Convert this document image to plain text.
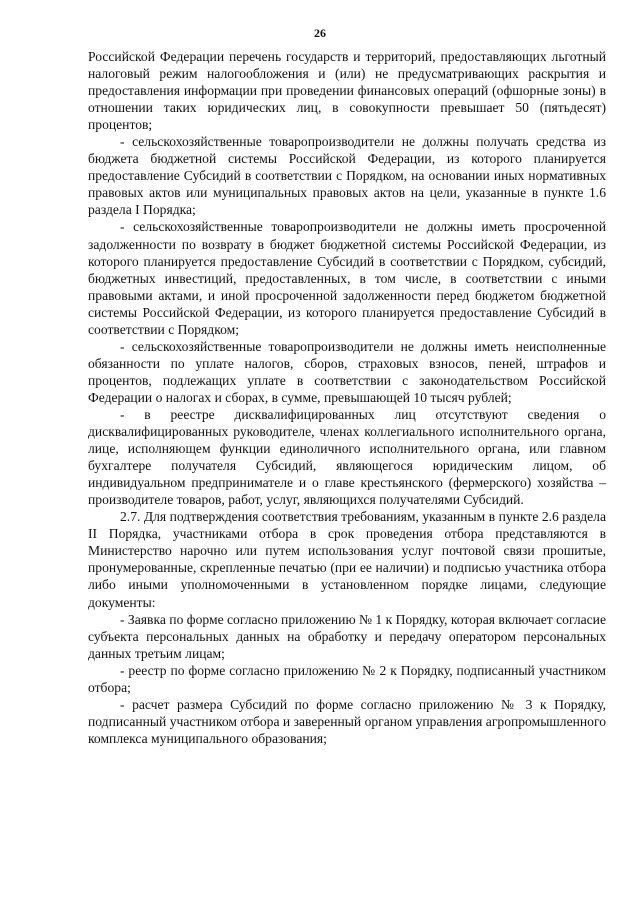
26

Российской Федерации перечень государств и территорий, предоставляющих льготный налоговый режим налогообложения и (или) не предусматривающих раскрытия и предоставления информации при проведении финансовых операций (офшорные зоны) в отношении таких юридических лиц, в совокупности превышает 50 (пятьдесят) процентов;

- сельскохозяйственные товаропроизводители не должны получать средства из бюджета бюджетной системы Российской Федерации, из которого планируется предоставление Субсидий в соответствии с Порядком, на основании иных нормативных правовых актов или муниципальных правовых актов на цели, указанные в пункте 1.6 раздела I Порядка;

- сельскохозяйственные товаропроизводители не должны иметь просроченной задолженности по возврату в бюджет бюджетной системы Российской Федерации, из которого планируется предоставление Субсидий в соответствии с Порядком, субсидий, бюджетных инвестиций, предоставленных, в том числе, в соответствии с иными правовыми актами, и иной просроченной задолженности перед бюджетом бюджетной системы Российской Федерации, из которого планируется предоставление Субсидий в соответствии с Порядком;

- сельскохозяйственные товаропроизводители не должны иметь неисполненные обязанности по уплате налогов, сборов, страховых взносов, пеней, штрафов и процентов, подлежащих уплате в соответствии с законодательством Российской Федерации о налогах и сборах, в сумме, превышающей 10 тысяч рублей;

- в реестре дисквалифицированных лиц отсутствуют сведения о дисквалифицированных руководителе, членах коллегиального исполнительного органа, лице, исполняющем функции единоличного исполнительного органа, или главном бухгалтере получателя Субсидий, являющегося юридическим лицом, об индивидуальном предпринимателе и о главе крестьянского (фермерского) хозяйства – производителе товаров, работ, услуг, являющихся получателями Субсидий.

2.7. Для подтверждения соответствия требованиям, указанным в пункте 2.6 раздела II Порядка, участниками отбора в срок проведения отбора представляются в Министерство нарочно или путем использования услуг почтовой связи прошитые, пронумерованные, скрепленные печатью (при ее наличии) и подписью участника отбора либо иными уполномоченными в установленном порядке лицами, следующие документы:

- Заявка по форме согласно приложению № 1 к Порядку, которая включает согласие субъекта персональных данных на обработку и передачу оператором персональных данных третьим лицам;

- реестр по форме согласно приложению № 2 к Порядку, подписанный участником отбора;

- расчет размера Субсидий по форме согласно приложению № 3 к Порядку, подписанный участником отбора и заверенный органом управления агропромышленного комплекса муниципального образования;
